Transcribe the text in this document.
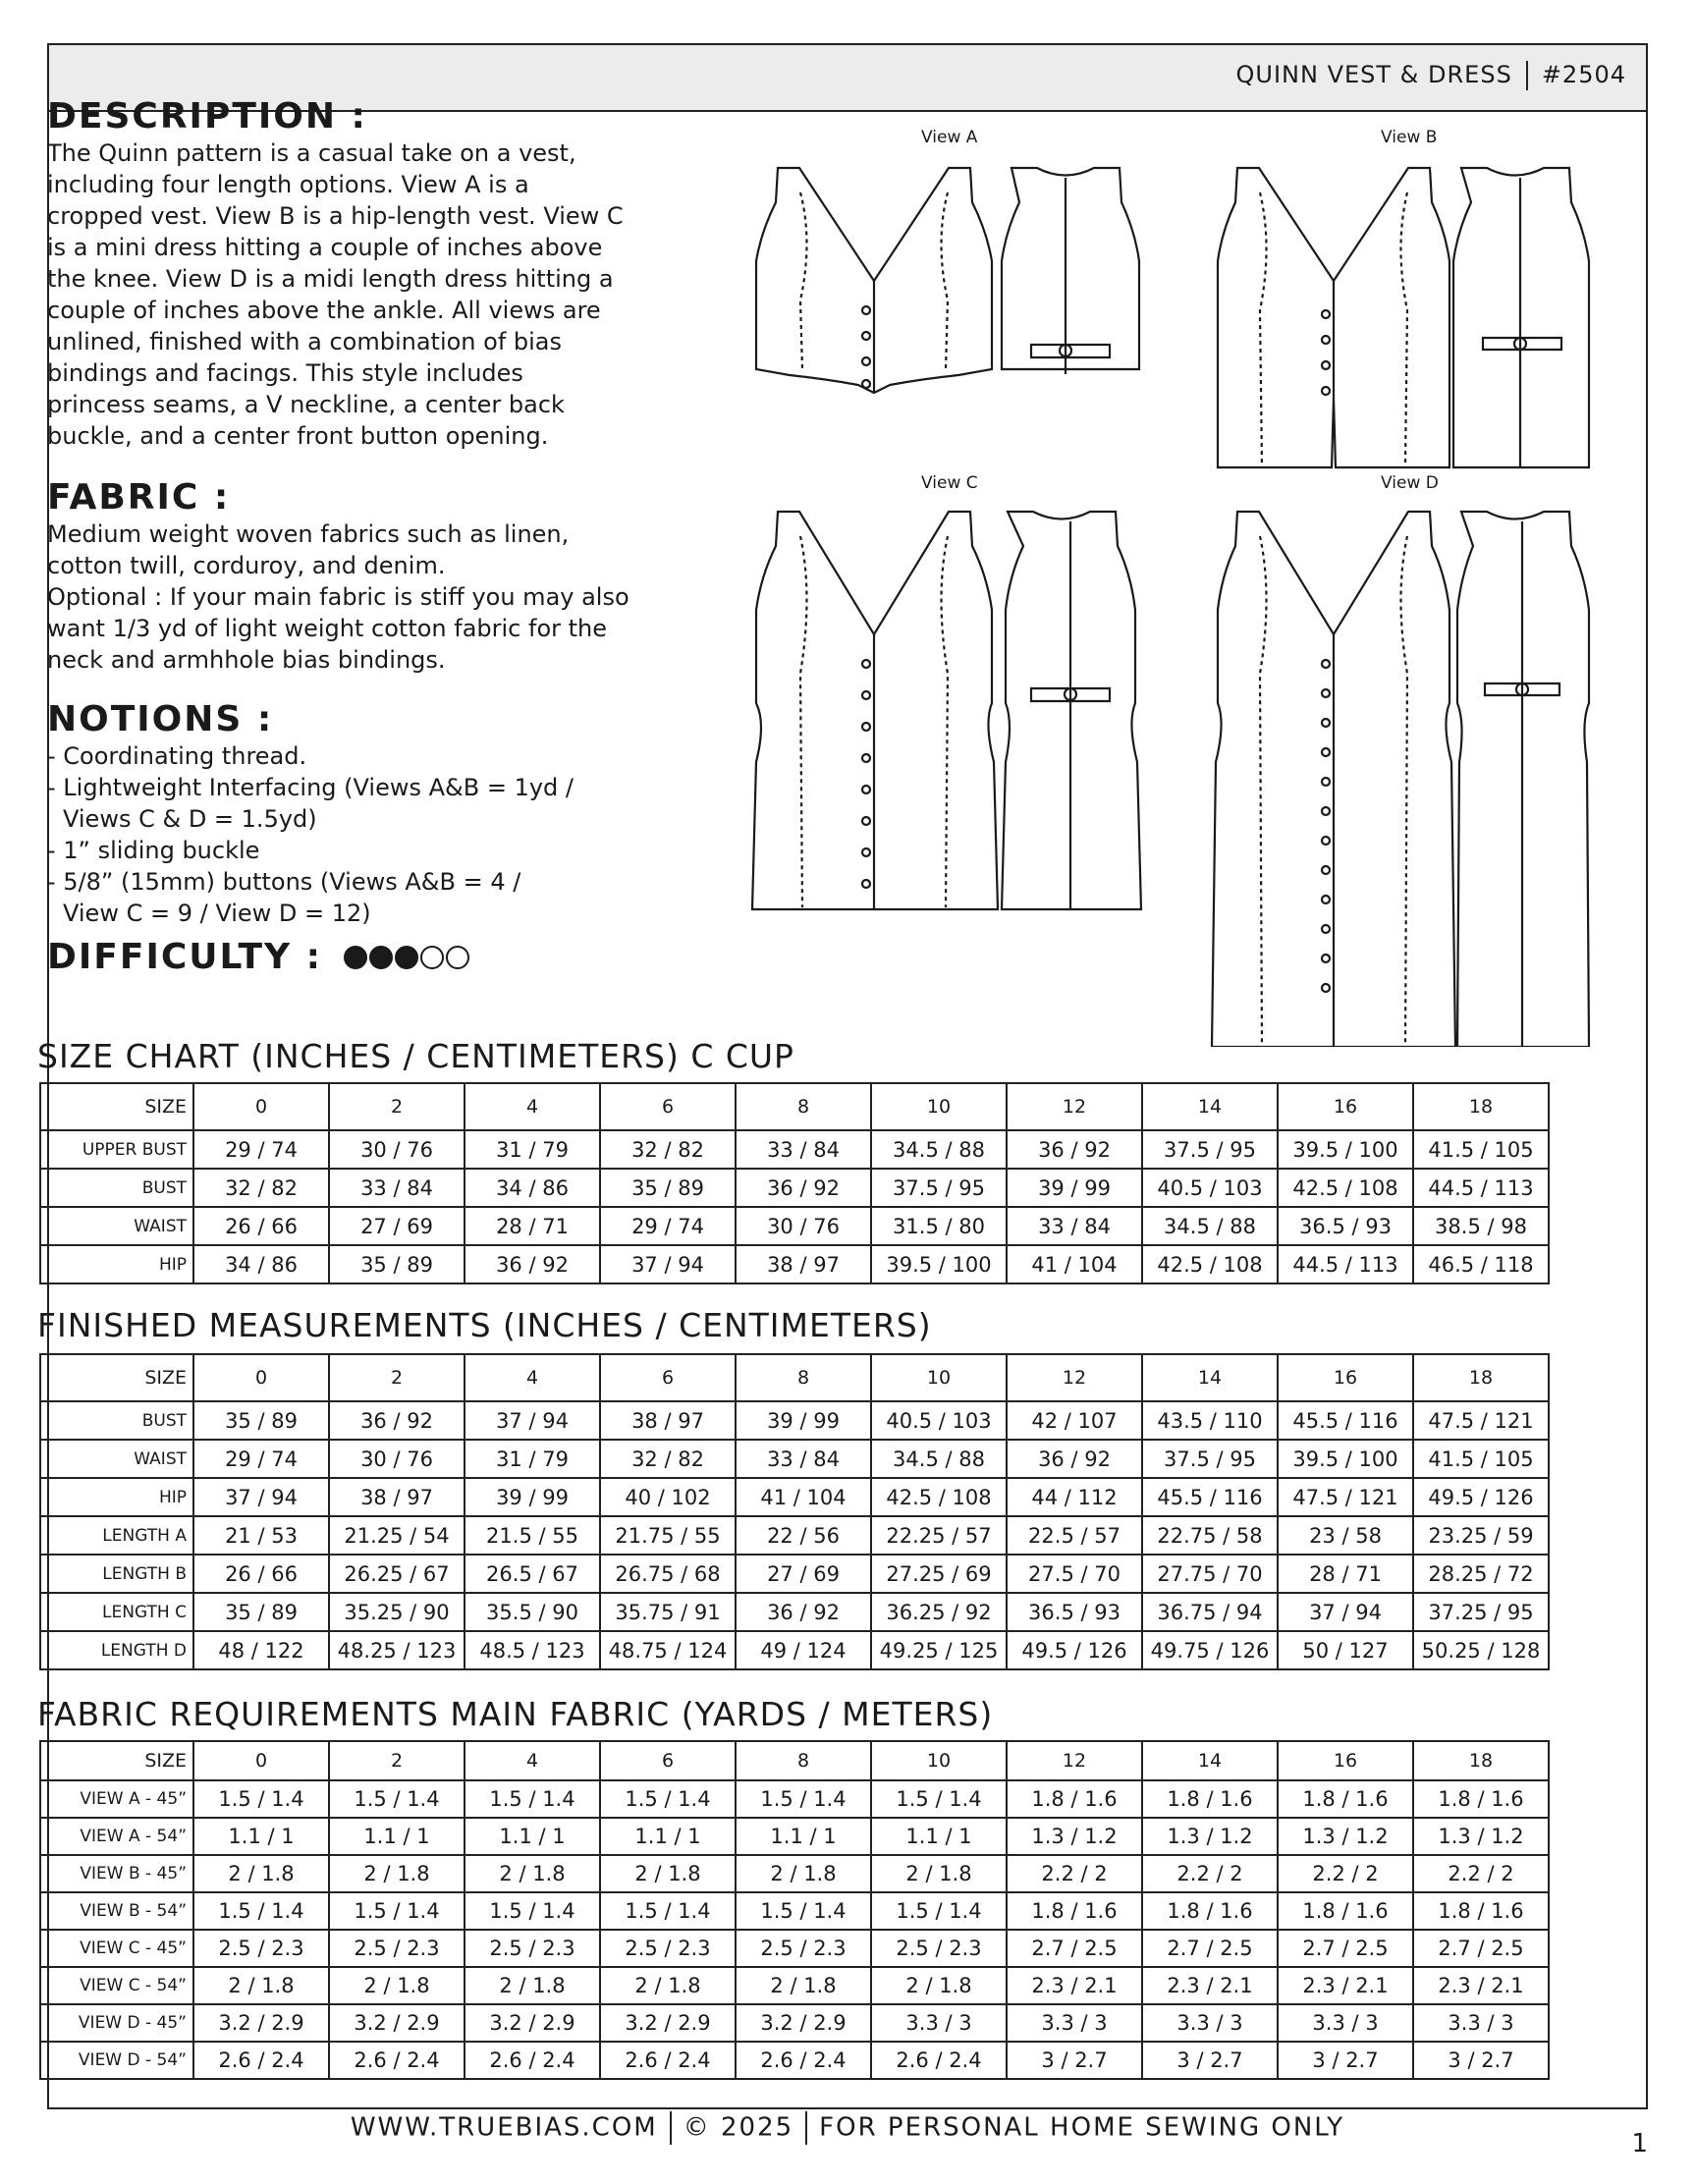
QUINN VEST & DRESS #2504
DESCRIPTION :

The Quinn pattern is a casual take on a vest,
including four length options. View A is a
cropped vest. View B is a hip-length vest. View C
is a mini dress hitting a couple of inches above
the knee. View D is a midi length dress hitting a
couple of inches above the ankle. All views are
unlined, finished with a combination of bias
bindings and facings. This style includes
princess seams, a V neckline, a center back
buckle, and a center front button opening.

FABRIC :

Medium weight woven fabrics such as linen,
cotton twill, corduroy, and denim.
Optional : If your main fabric is stiff you may also
want 1/3 yd of light weight cotton fabric for the
neck and armhhole bias bindings.

NOTIONS :

- Coordinating thread.
- Lightweight Interfacing (Views A&B = 1yd /
Views C & D = 1.5yd)
- 1” sliding buckle
- 5/8” (15mm) buttons (Views A&B = 4 /
View C = 9 / View D = 12)

DIFFICULTY :
View A	View B
View C	View D
SIZE CHART (INCHES / CENTIMETERS) C CUP
SIZE	0	2	4	6	8	10	12	14	16	18
UPPER BUST	29 / 74	30 / 76	31 / 79	32 / 82	33 / 84	34.5 / 88	36 / 92	37.5 / 95	39.5 / 100	41.5 / 105
BUST	32 / 82	33 / 84	34 / 86	35 / 89	36 / 92	37.5 / 95	39 / 99	40.5 / 103	42.5 / 108	44.5 / 113
WAIST	26 / 66	27 / 69	28 / 71	29 / 74	30 / 76	31.5 / 80	33 / 84	34.5 / 88	36.5 / 93	38.5 / 98
HIP	34 / 86	35 / 89	36 / 92	37 / 94	38 / 97	39.5 / 100	41 / 104	42.5 / 108	44.5 / 113	46.5 / 118
FINISHED MEASUREMENTS (INCHES / CENTIMETERS)
SIZE	0	2	4	6	8	10	12	14	16	18
BUST	35 / 89	36 / 92	37 / 94	38 / 97	39 / 99	40.5 / 103	42 / 107	43.5 / 110	45.5 / 116	47.5 / 121
WAIST	29 / 74	30 / 76	31 / 79	32 / 82	33 / 84	34.5 / 88	36 / 92	37.5 / 95	39.5 / 100	41.5 / 105
HIP	37 / 94	38 / 97	39 / 99	40 / 102	41 / 104	42.5 / 108	44 / 112	45.5 / 116	47.5 / 121	49.5 / 126
LENGTH A	21 / 53	21.25 / 54	21.5 / 55	21.75 / 55	22 / 56	22.25 / 57	22.5 / 57	22.75 / 58	23 / 58	23.25 / 59
LENGTH B	26 / 66	26.25 / 67	26.5 / 67	26.75 / 68	27 / 69	27.25 / 69	27.5 / 70	27.75 / 70	28 / 71	28.25 / 72
LENGTH C	35 / 89	35.25 / 90	35.5 / 90	35.75 / 91	36 / 92	36.25 / 92	36.5 / 93	36.75 / 94	37 / 94	37.25 / 95
LENGTH D	48 / 122	48.25 / 123	48.5 / 123	48.75 / 124	49 / 124	49.25 / 125	49.5 / 126	49.75 / 126	50 / 127	50.25 / 128
FABRIC REQUIREMENTS MAIN FABRIC (YARDS / METERS)
SIZE	0	2	4	6	8	10	12	14	16	18
VIEW A - 45”	1.5 / 1.4	1.5 / 1.4	1.5 / 1.4	1.5 / 1.4	1.5 / 1.4	1.5 / 1.4	1.8 / 1.6	1.8 / 1.6	1.8 / 1.6	1.8 / 1.6
VIEW A - 54”	1.1 / 1	1.1 / 1	1.1 / 1	1.1 / 1	1.1 / 1	1.1 / 1	1.3 / 1.2	1.3 / 1.2	1.3 / 1.2	1.3 / 1.2
VIEW B - 45”	2 / 1.8	2 / 1.8	2 / 1.8	2 / 1.8	2 / 1.8	2 / 1.8	2.2 / 2	2.2 / 2	2.2 / 2	2.2 / 2
VIEW B - 54”	1.5 / 1.4	1.5 / 1.4	1.5 / 1.4	1.5 / 1.4	1.5 / 1.4	1.5 / 1.4	1.8 / 1.6	1.8 / 1.6	1.8 / 1.6	1.8 / 1.6
VIEW C - 45”	2.5 / 2.3	2.5 / 2.3	2.5 / 2.3	2.5 / 2.3	2.5 / 2.3	2.5 / 2.3	2.7 / 2.5	2.7 / 2.5	2.7 / 2.5	2.7 / 2.5
VIEW C - 54”	2 / 1.8	2 / 1.8	2 / 1.8	2 / 1.8	2 / 1.8	2 / 1.8	2.3 / 2.1	2.3 / 2.1	2.3 / 2.1	2.3 / 2.1
VIEW D - 45”	3.2 / 2.9	3.2 / 2.9	3.2 / 2.9	3.2 / 2.9	3.2 / 2.9	3.3 / 3	3.3 / 3	3.3 / 3	3.3 / 3	3.3 / 3
VIEW D - 54”	2.6 / 2.4	2.6 / 2.4	2.6 / 2.4	2.6 / 2.4	2.6 / 2.4	2.6 / 2.4	3 / 2.7	3 / 2.7	3 / 2.7	3 / 2.7
WWW.TRUEBIAS.COM © 2025 FOR PERSONAL HOME SEWING ONLY
1
